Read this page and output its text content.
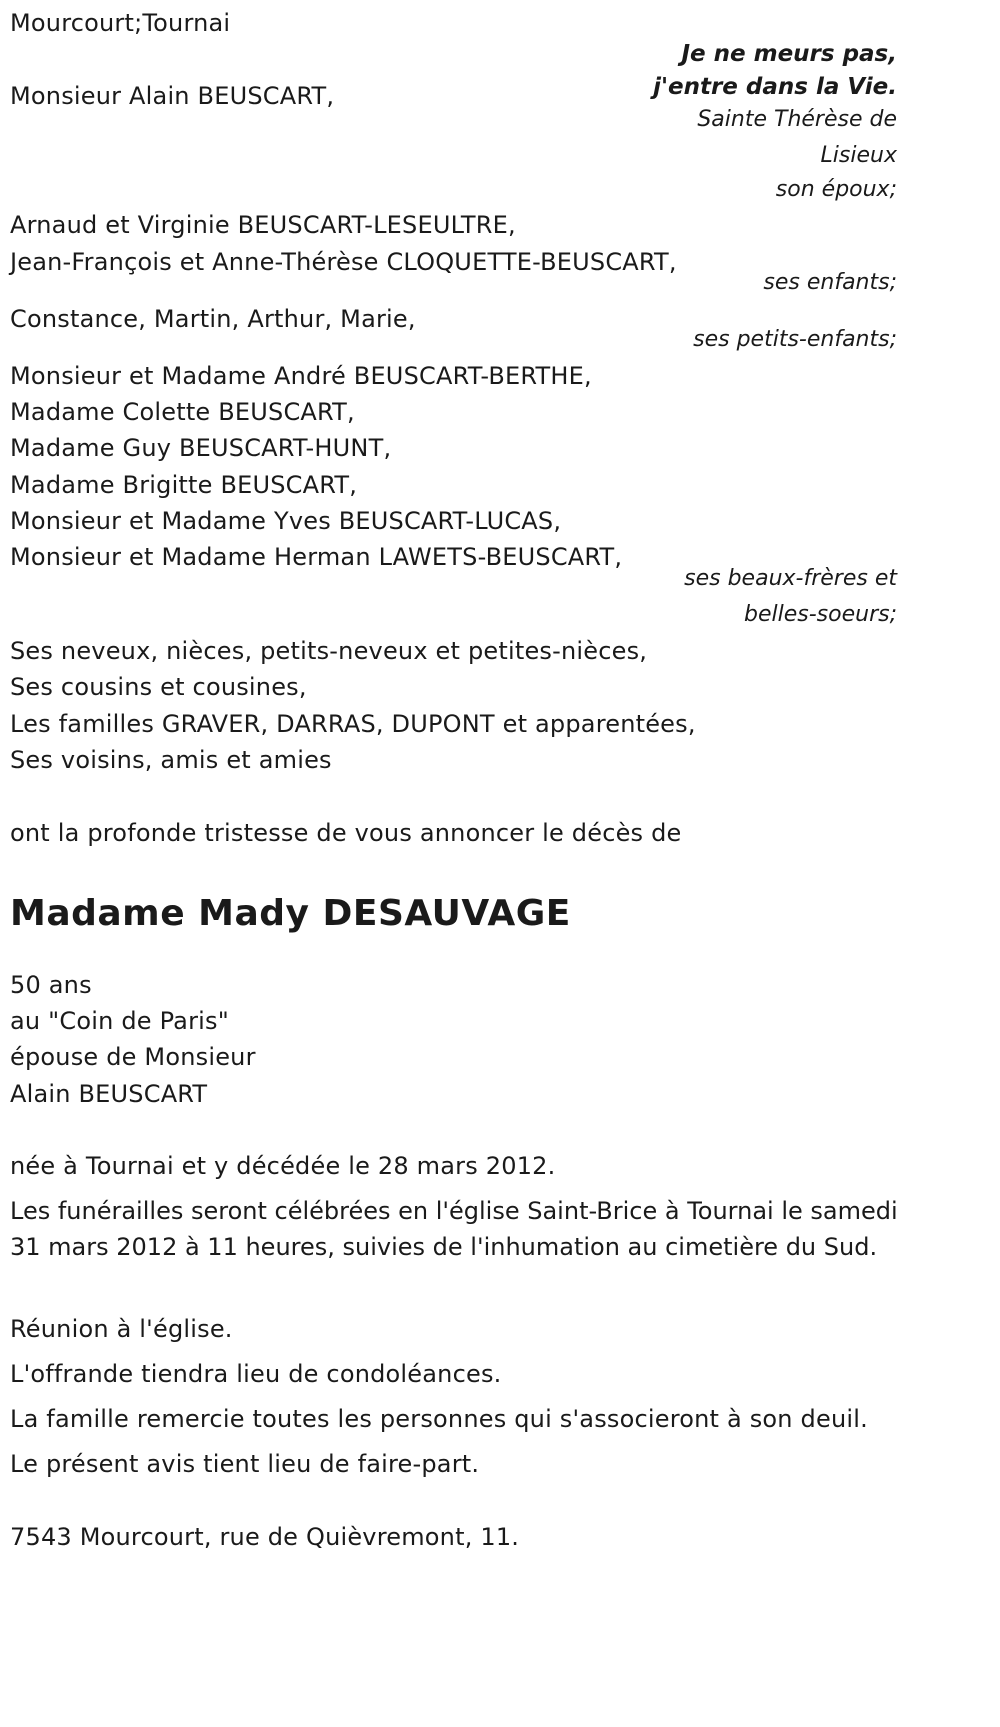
Mourcourt;Tournai
Je ne meurs pas,
j'entre dans la Vie.
Sainte Thérèse de
Lisieux
Monsieur Alain BEUSCART,
son époux;
Arnaud et Virginie BEUSCART-LESEULTRE,
Jean-François et Anne-Thérèse CLOQUETTE-BEUSCART,
ses enfants;
Constance, Martin, Arthur, Marie,
ses petits-enfants;
Monsieur et Madame André BEUSCART-BERTHE,
Madame Colette BEUSCART,
Madame Guy BEUSCART-HUNT,
Madame Brigitte BEUSCART,
Monsieur et Madame Yves BEUSCART-LUCAS,
Monsieur et Madame Herman LAWETS-BEUSCART,
ses beaux-frères et
belles-soeurs;
Ses neveux, nièces, petits-neveux et petites-nièces,
Ses cousins et cousines,
Les familles GRAVER, DARRAS, DUPONT et apparentées,
Ses voisins, amis et amies
ont la profonde tristesse de vous annoncer le décès de
Madame Mady DESAUVAGE
50 ans
au "Coin de Paris"
épouse de Monsieur
Alain BEUSCART
née à Tournai et y décédée le 28 mars 2012.
Les funérailles seront célébrées en l'église Saint-Brice à Tournai le samedi 31 mars 2012 à 11 heures, suivies de l'inhumation au cimetière du Sud.
Réunion à l'église.
L'offrande tiendra lieu de condoléances.
La famille remercie toutes les personnes qui s'associeront à son deuil.
Le présent avis tient lieu de faire-part.
7543 Mourcourt, rue de Quièvremont, 11.
